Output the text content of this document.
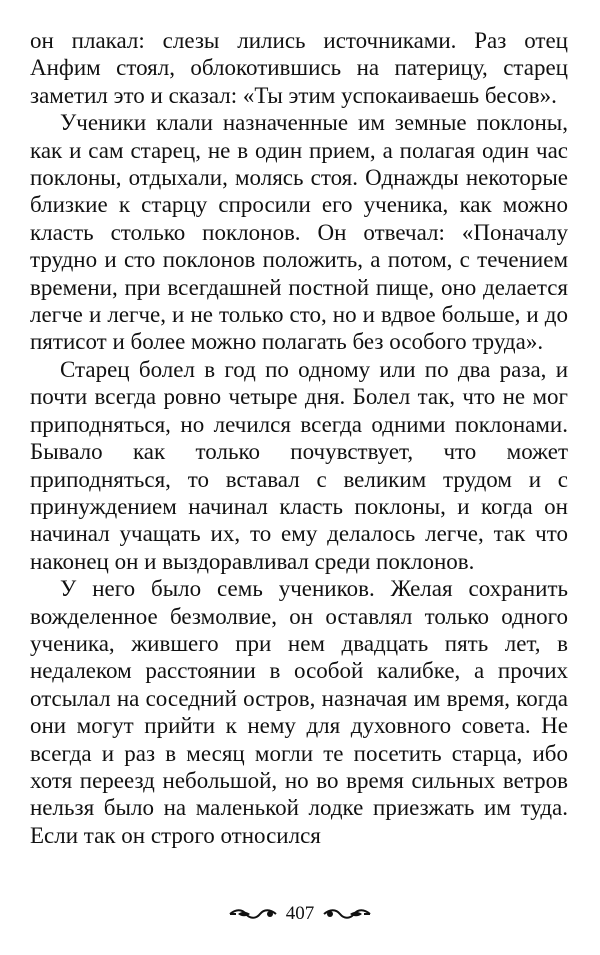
он плакал: слезы лились источниками. Раз отец Анфим стоял, облокотившись на патерицу, старец заметил это и сказал: «Ты этим успокаиваешь бесов».

Ученики клали назначенные им земные поклоны, как и сам старец, не в один прием, а полагая один час поклоны, отдыхали, молясь стоя. Однажды некоторые близкие к старцу спросили его ученика, как можно класть столько поклонов. Он отвечал: «Поначалу трудно и сто поклонов положить, а потом, с течением времени, при всегдашней постной пище, оно делается легче и легче, и не только сто, но и вдвое больше, и до пятисот и более можно полагать без особого труда».

Старец болел в год по одному или по два раза, и почти всегда ровно четыре дня. Болел так, что не мог приподняться, но лечился всегда одними поклонами. Бывало как только почувствует, что может приподняться, то вставал с великим трудом и с принуждением начинал класть поклоны, и когда он начинал учащать их, то ему делалось легче, так что наконец он и выздоравливал среди поклонов.

У него было семь учеников. Желая сохранить вожделенное безмолвие, он оставлял только одного ученика, жившего при нем двадцать пять лет, в недалеком расстоянии в особой калибке, а прочих отсылал на соседний остров, назначая им время, когда они могут прийти к нему для духовного совета. Не всегда и раз в месяц могли те посетить старца, ибо хотя переезд небольшой, но во время сильных ветров нельзя было на маленькой лодке приезжать им туда. Если так он строго относился

407
